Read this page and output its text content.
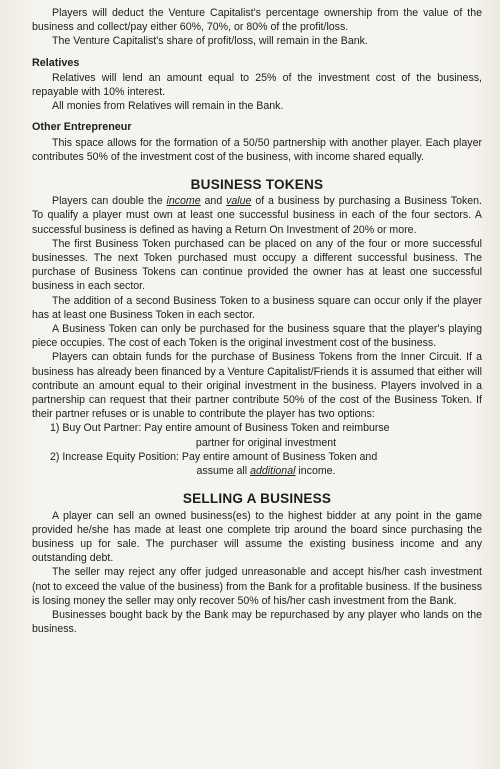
Players will deduct the Venture Capitalist's percentage ownership from the value of the business and collect/pay either 60%, 70%, or 80% of the profit/loss.

The Venture Capitalist's share of profit/loss, will remain in the Bank.

Relatives

Relatives will lend an amount equal to 25% of the investment cost of the business, repayable with 10% interest.

All monies from Relatives will remain in the Bank.

Other Entrepreneur

This space allows for the formation of a 50/50 partnership with another player. Each player contributes 50% of the investment cost of the business, with income shared equally.

BUSINESS TOKENS

Players can double the income and value of a business by purchasing a Business Token. To qualify a player must own at least one successful business in each of the four sectors. A successful business is defined as having a Return On Investment of 20% or more.

The first Business Token purchased can be placed on any of the four or more successful businesses. The next Token purchased must occupy a different successful business. The purchase of Business Tokens can continue provided the owner has at least one successful business in each sector.

The addition of a second Business Token to a business square can occur only if the player has at least one Business Token in each sector.

A Business Token can only be purchased for the business square that the player's playing piece occupies. The cost of each Token is the original investment cost of the business.

Players can obtain funds for the purchase of Business Tokens from the Inner Circuit. If a business has already been financed by a Venture Capitalist/Friends it is assumed that either will contribute an amount equal to their original investment in the business. Players involved in a partnership can request that their partner contribute 50% of the cost of the Business Token. If their partner refuses or is unable to contribute the player has two options:

1) Buy Out Partner: Pay entire amount of Business Token and reimburse
partner for original investment
2) Increase Equity Position: Pay entire amount of Business Token and
assume all additional income.
SELLING A BUSINESS

A player can sell an owned business(es) to the highest bidder at any point in the game provided he/she has made at least one complete trip around the board since purchasing the business up for sale. The purchaser will assume the existing business income and any outstanding debt.

The seller may reject any offer judged unreasonable and accept his/her cash investment (not to exceed the value of the business) from the Bank for a profitable business. If the business is losing money the seller may only recover 50% of his/her cash investment from the Bank.

Businesses bought back by the Bank may be repurchased by any player who lands on the business.
